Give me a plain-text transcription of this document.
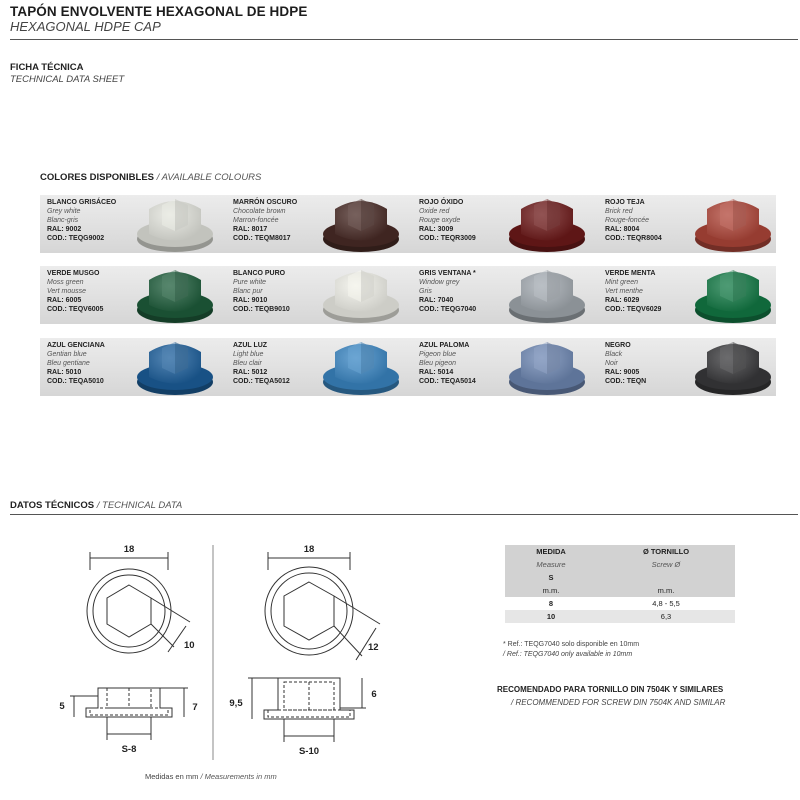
TAPÓN ENVOLVENTE HEXAGONAL DE HDPE
HEXAGONAL HDPE CAP
FICHA TÉCNICA
TECHNICAL DATA SHEET
COLORES DISPONIBLES / AVAILABLE COLOURS
BLANCO GRISÁCEO
Grey white
Blanc-gris
RAL: 9002
COD.: TEQG9002
MARRÓN OSCURO
Chocolate brown
Marron-foncée
RAL: 8017
COD.: TEQM8017
ROJO ÓXIDO
Oxide red
Rouge oxyde
RAL: 3009
COD.: TEQR3009
ROJO TEJA
Brick red
Rouge-foncée
RAL: 8004
COD.: TEQR8004
VERDE MUSGO
Moss green
Vert mousse
RAL: 6005
COD.: TEQV6005
BLANCO PURO
Pure white
Blanc pur
RAL: 9010
COD.: TEQB9010
GRIS VENTANA *
Window grey
Gris
RAL: 7040
COD.: TEQG7040
VERDE MENTA
Mint green
Vert menthe
RAL: 6029
COD.: TEQV6029
AZUL GENCIANA
Gentian blue
Bleu gentiane
RAL: 5010
COD.: TEQA5010
AZUL LUZ
Light blue
Bleu clair
RAL: 5012
COD.: TEQA5012
AZUL PALOMA
Pigeon blue
Bleu pigeon
RAL: 5014
COD.: TEQA5014
NEGRO
Black
Noir
RAL: 9005
COD.: TEQN
DATOS TÉCNICOS / TECHNICAL DATA
18
10
5	7
S-8
18
12
9,5
6
S-10
MEDIDA	Ø TORNILLO
Measure	Screw Ø
S	
m.m.	m.m.
8	4,8 - 5,5
10	6,3
* Ref.: TEQG7040 solo disponible en 10mm
/ Ref.: TEQG7040 only available in 10mm
RECOMENDADO PARA TORNILLO DIN 7504K Y SIMILARES
/ RECOMMENDED FOR SCREW DIN 7504K AND SIMILAR
Medidas en mm / Measurements in mm
